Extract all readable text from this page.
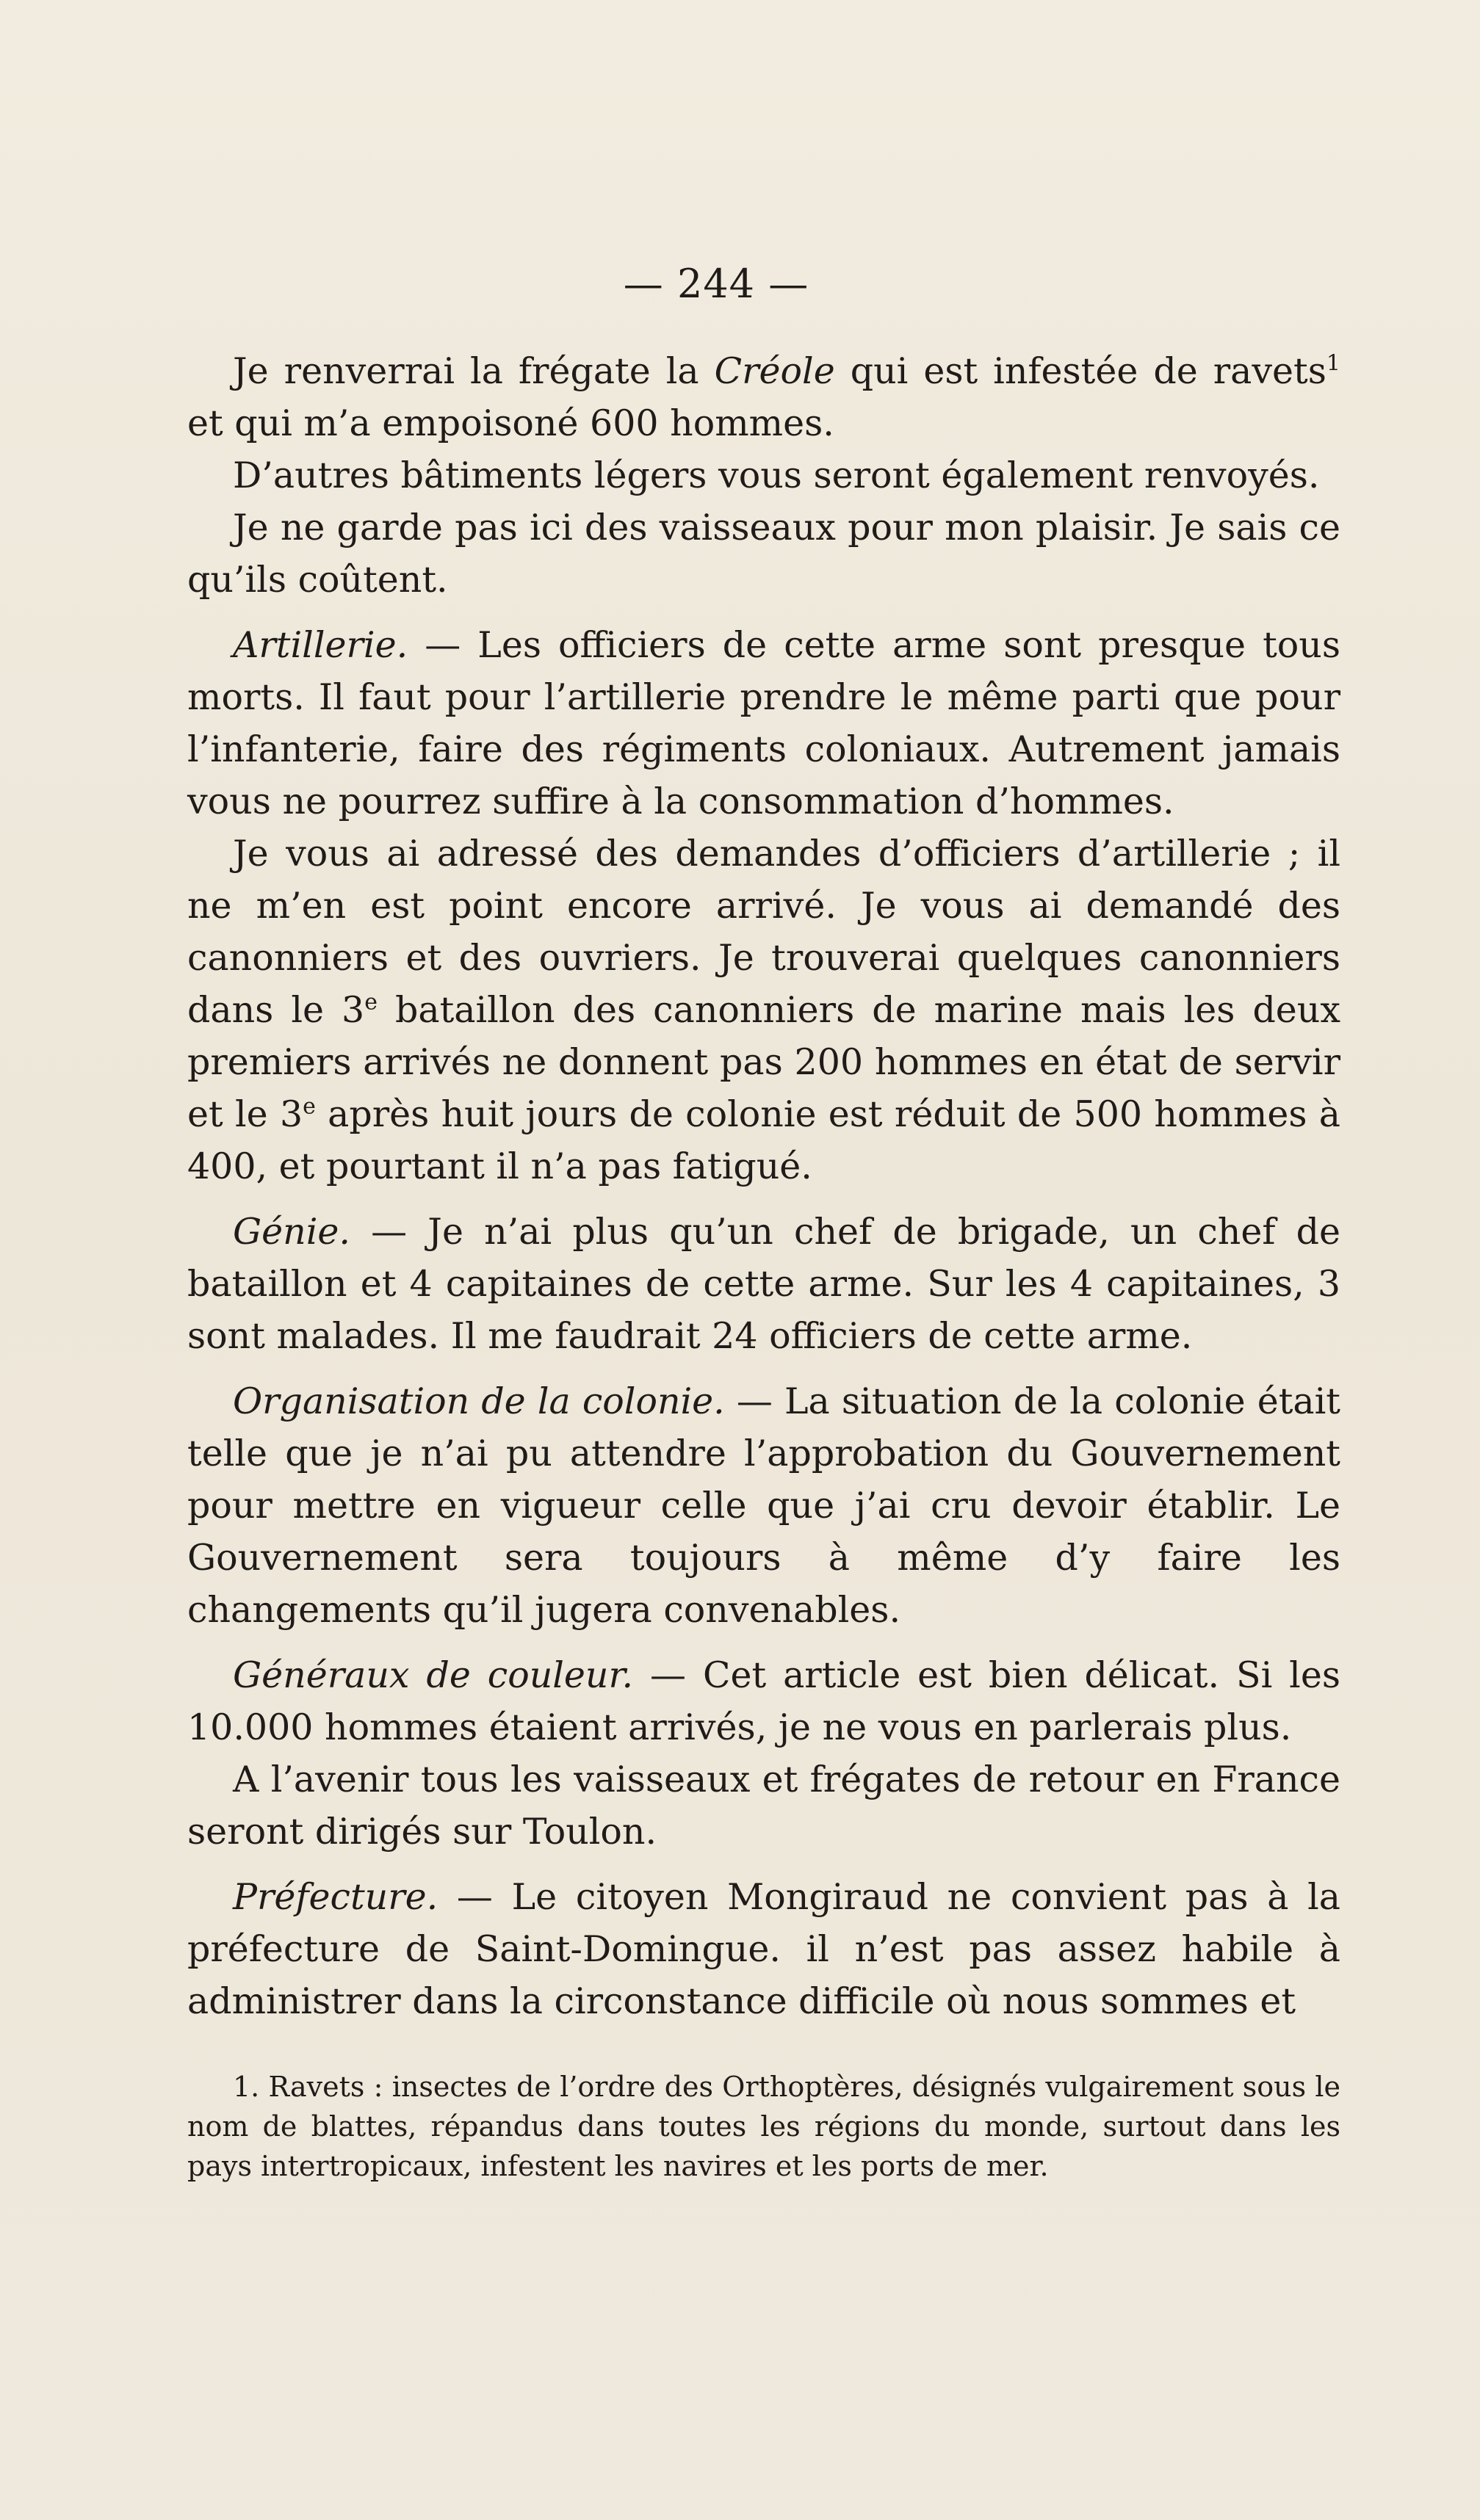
— 244 —

Je renverrai la frégate la Créole qui est infestée de ravets$^1$ et qui m’a empoisoné 600 hommes.

D’autres bâtiments légers vous seront également renvoyés.

Je ne garde pas ici des vaisseaux pour mon plaisir. Je sais ce qu’ils coûtent.

Artillerie. — Les officiers de cette arme sont presque tous morts. Il faut pour l’artillerie prendre le même parti que pour l’infanterie, faire des régiments coloniaux. Autrement jamais vous ne pourrez suffire à la consommation d’hommes.

Je vous ai adressé des demandes d’officiers d’artillerie ; il ne m’en est point encore arrivé. Je vous ai demandé des canonniers et des ouvriers. Je trouverai quelques canonniers dans le 3e bataillon des canonniers de marine mais les deux premiers arrivés ne donnent pas 200 hommes en état de servir et le 3e après huit jours de colonie est réduit de 500 hommes à 400, et pourtant il n’a pas fatigué.

Génie. — Je n’ai plus qu’un chef de brigade, un chef de bataillon et 4 capitaines de cette arme. Sur les 4 capitaines, 3 sont malades. Il me faudrait 24 officiers de cette arme.

Organisation de la colonie. — La situation de la colonie était telle que je n’ai pu attendre l’approbation du Gouvernement pour mettre en vigueur celle que j’ai cru devoir établir. Le Gouvernement sera toujours à même d’y faire les changements qu’il jugera convenables.

Généraux de couleur. — Cet article est bien délicat. Si les 10.000 hommes étaient arrivés, je ne vous en parlerais plus.

A l’avenir tous les vaisseaux et frégates de retour en France seront dirigés sur Toulon.

Préfecture. — Le citoyen Mongiraud ne convient pas à la préfecture de Saint-Domingue. il n’est pas assez habile à administrer dans la circonstance difficile où nous sommes et

1. Ravets : insectes de l’ordre des Orthoptères, désignés vulgairement sous le nom de blattes, répandus dans toutes les régions du monde, surtout dans les pays intertropicaux, infestent les navires et les ports de mer.
